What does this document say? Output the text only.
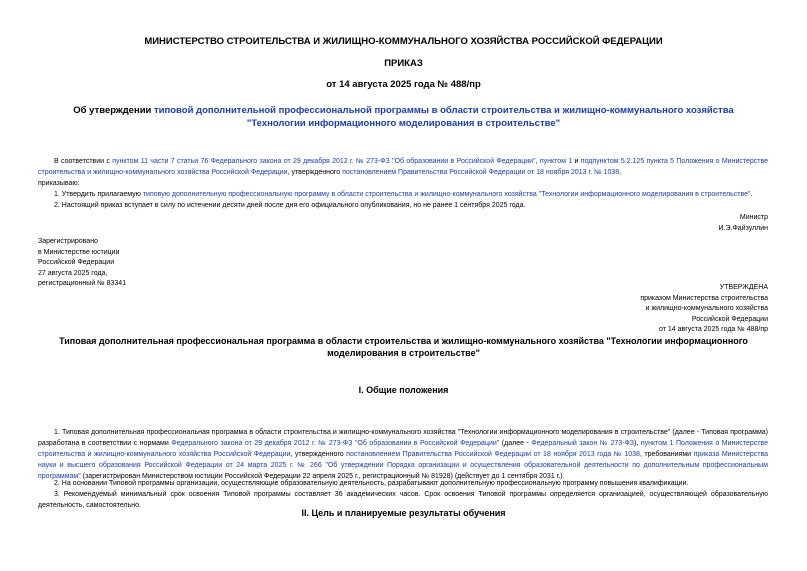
МИНИСТЕРСТВО СТРОИТЕЛЬСТВА И ЖИЛИЩНО-КОММУНАЛЬНОГО ХОЗЯЙСТВА РОССИЙСКОЙ ФЕДЕРАЦИИ
ПРИКАЗ
от 14 августа 2025 года № 488/пр
Об утверждении типовой дополнительной профессиональной программы в области строительства и жилищно-коммунального хозяйства "Технологии информационного моделирования в строительстве"
В соответствии с пунктом 11 части 7 статьи 76 Федерального закона от 29 декабря 2012 г. № 273-ФЗ "Об образовании в Российской Федерации", пунктом 1 и подпунктом 5.2.125 пункта 5 Положения о Министерстве строительства и жилищно-коммунального хозяйства Российской Федерации, утвержденного постановлением Правительства Российской Федерации от 18 ноября 2013 г. № 1038,
приказываю:
1. Утвердить прилагаемую типовую дополнительную профессиональную программу в области строительства и жилищно-коммунального хозяйства "Технологии информационного моделирования в строительстве".
2. Настоящий приказ вступает в силу по истечении десяти дней после дня его официального опубликования, но не ранее 1 сентября 2025 года.
Министр
И.Э.Файзуллин
Зарегистрировано
в Министерстве юстиции
Российской Федерации
27 августа 2025 года,
регистрационный № 83341
УТВЕРЖДЕНА
приказом Министерства строительства
и жилищно-коммунального хозяйства
Российской Федерации
от 14 августа 2025 года № 488/пр
Типовая дополнительная профессиональная программа в области строительства и жилищно-коммунального хозяйства "Технологии информационного моделирования в строительстве"
I. Общие положения
1. Типовая дополнительная профессиональная программа в области строительства и жилищно-коммунального хозяйства "Технологии информационного моделирования в строительстве" (далее - Типовая программа) разработана в соответствии с нормами Федерального закона от 29 декабря 2012 г. № 273-ФЗ "Об образовании в Российской Федерации" (далее - Федеральный закон № 273-ФЗ), пунктом 1 Положения о Министерстве строительства и жилищно-коммунального хозяйства Российской Федерации, утвержденного постановлением Правительства Российской Федерации от 18 ноября 2013 года № 1038, требованиями приказа Министерства науки и высшего образования Российской Федерации от 24 марта 2025 г. № 266 "Об утверждении Порядка организации и осуществления образовательной деятельности по дополнительным профессиональным программам" (зарегистрирован Министерством юстиции Российской Федерации 22 апреля 2025 г., регистрационный № 81928) (действует до 1 сентября 2031 г.).
2. На основании Типовой программы организации, осуществляющие образовательную деятельность, разрабатывают дополнительную профессиональную программу повышения квалификации.
3. Рекомендуемый минимальный срок освоения Типовой программы составляет 36 академических часов. Срок освоения Типовой программы определяется организацией, осуществляющей образовательную деятельность, самостоятельно.
II. Цель и планируемые результаты обучения
